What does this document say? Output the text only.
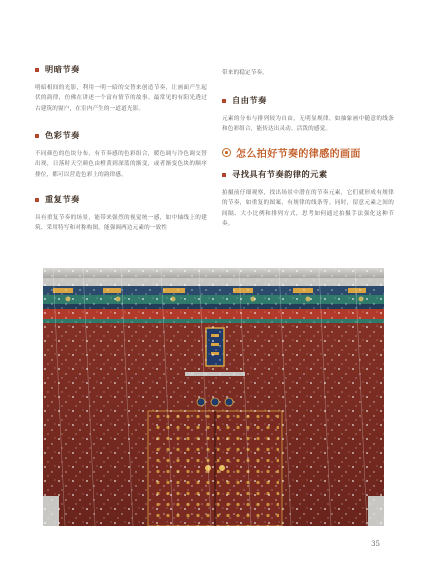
明暗节奏
明暗相间的光影，利用一明一暗的交替来创造节奏，让画面产生起伏的韵律，仿佛在讲述一个富有情节的故事。最常见的有阳光透过古建筑的窗户，在室内产生的一道道光影。
色彩节奏
不同颜色的色块分布，有节奏感的色彩组合，暖色调与冷色调交替出现，日落时天空颜色由橙黄到深蓝的渐变，或者渐变色块的顺序排位，都可以营造色彩上的韵律感。
重复节奏
具有重复节奏的场景，能带来强烈的视觉统一感，如中轴线上的建筑、采用特写和对称构图，能强调两边元素的一致性
带来的稳定节奏。
自由节奏
元素的分布与排列较为自由，无明显规律，如抽象画中随意的线条和色彩组合，能传达出灵动、活泼的感觉。
怎么拍好节奏的律感的画面
寻找具有节奏韵律的元素
拍摄前仔细观察，找出场景中潜在的节奏元素，它们就形成有规律的节奏，如重复的图案、有规律的线条等。同时，留意元素之间的间隔、大小比例和排列方式，思考如何通过拍摄手法强化这种节奏。
35
